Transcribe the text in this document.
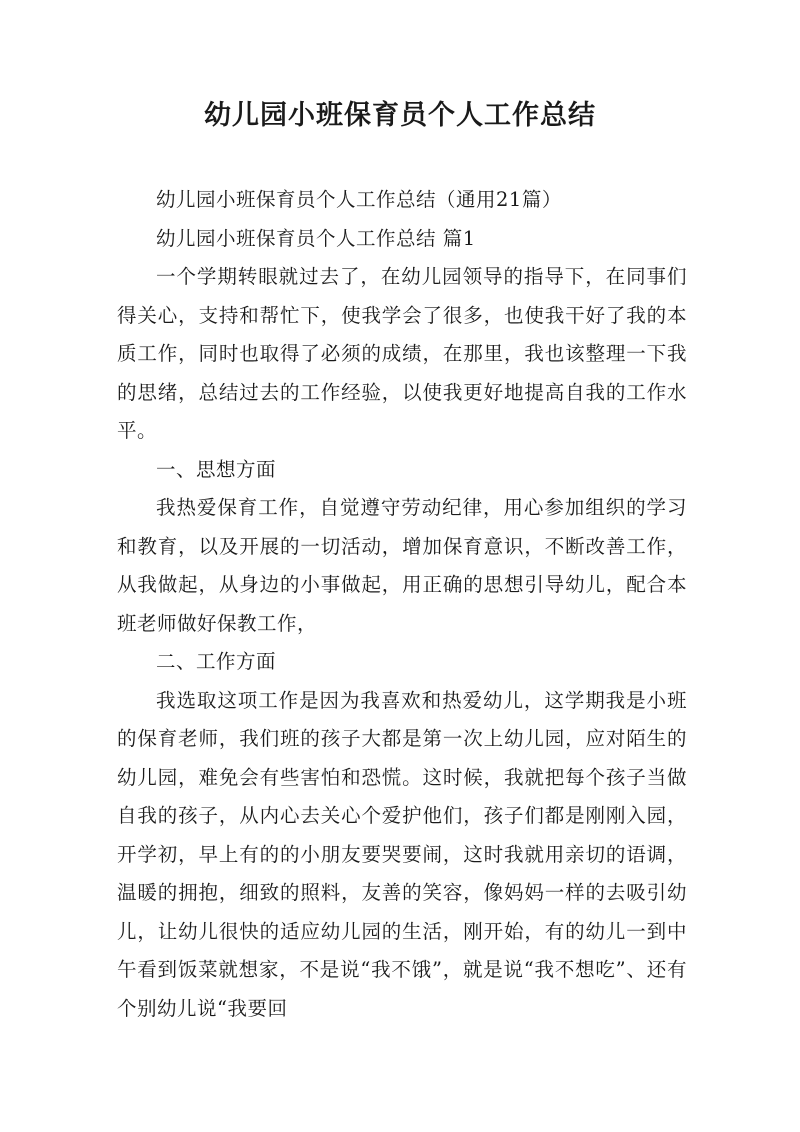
幼儿园小班保育员个人工作总结

幼儿园小班保育员个人工作总结（通用21篇）

幼儿园小班保育员个人工作总结 篇1

一个学期转眼就过去了，在幼儿园领导的指导下，在同事们得关心，支持和帮忙下，使我学会了很多，也使我干好了我的本质工作，同时也取得了必须的成绩，在那里，我也该整理一下我的思绪，总结过去的工作经验，以使我更好地提高自我的工作水平。

一、思想方面

我热爱保育工作，自觉遵守劳动纪律，用心参加组织的学习和教育，以及开展的一切活动，增加保育意识，不断改善工作，从我做起，从身边的小事做起，用正确的思想引导幼儿，配合本班老师做好保教工作，

二、工作方面

我选取这项工作是因为我喜欢和热爱幼儿，这学期我是小班的保育老师，我们班的孩子大都是第一次上幼儿园，应对陌生的幼儿园，难免会有些害怕和恐慌。这时候，我就把每个孩子当做自我的孩子，从内心去关心个爱护他们，孩子们都是刚刚入园，开学初，早上有的的小朋友要哭要闹，这时我就用亲切的语调，温暖的拥抱，细致的照料，友善的笑容，像妈妈一样的去吸引幼儿，让幼儿很快的适应幼儿园的生活，刚开始，有的幼儿一到中午看到饭菜就想家，不是说“我不饿”，就是说“我不想吃”、还有个别幼儿说“我要回
